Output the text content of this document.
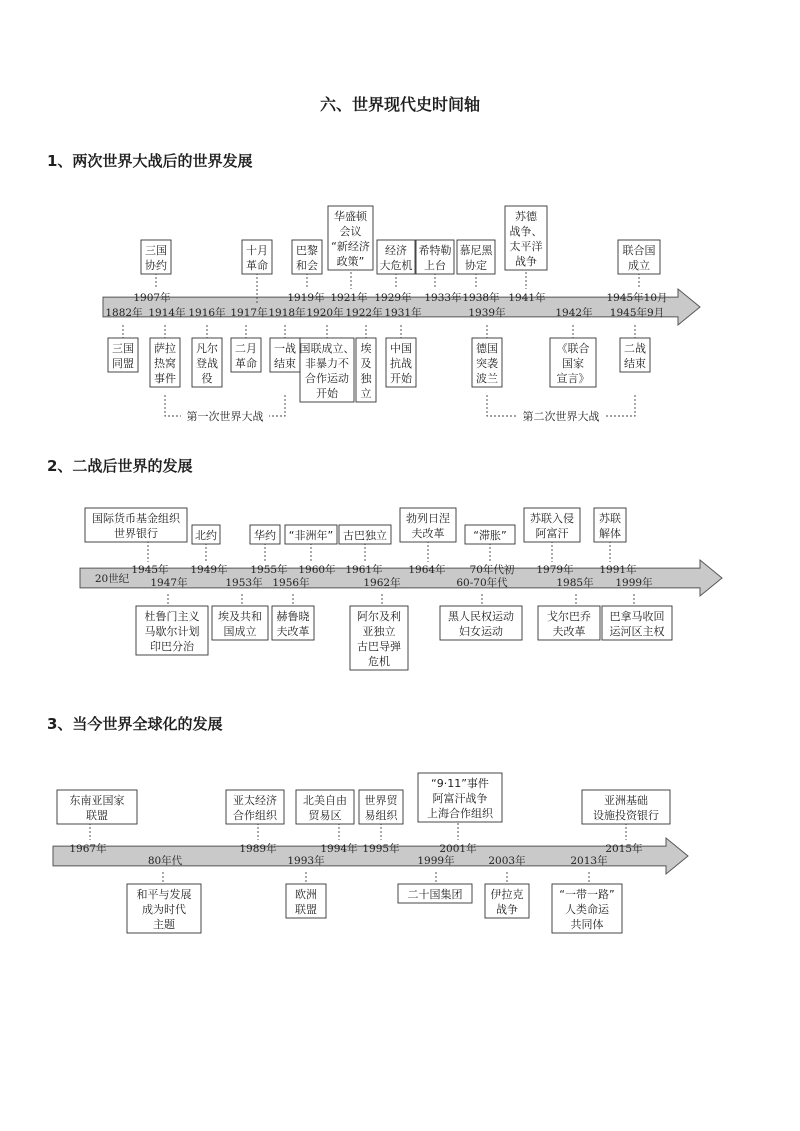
六、世界现代史时间轴
1、两次世界大战后的世界发展
2、二战后世界的发展
3、当今世界全球化的发展
1907年
1882年 1914年 1916年 1917年 1918年
1919年
1920年
1921年
1922年
1929年
1931年
1933年 1938年
1939年
1941年
1942年
1945年10月
1945年9月
三国
协约
十月
革命
巴黎
和会
华盛顿
会议
“新经济
政策”
经济
大危机
希特勒
上台
慕尼黑
协定
苏德
战争、
太平洋
战争
联合国
成立
三国
同盟
萨拉
热窝
事件
凡尔
登战
役
二月
革命
一战
结束
国联成立、
非暴力不
合作运动
开始
埃
及
独
立
中国
抗战
开始
德国
突袭
波兰
《联合
国家
宣言》
二战
结束
第一次世界大战	第二次世界大战
20世纪
1945年
1947年
1949年
1953年
1955年
1956年
1960年 1961年
1962年
1964年 70年代初
60-70年代
1979年
1985年
1991年
1999年
国际货币基金组织
世界银行	北约	华约 “非洲年” 古巴独立
勃列日涅
夫改革	“滞胀”
苏联入侵
阿富汗
苏联
解体
杜鲁门主义
马歇尔计划
印巴分治
埃及共和
国成立
赫鲁晓
夫改革
阿尔及利
亚独立
古巴导弹
危机
黑人民权运动
妇女运动
戈尔巴乔
夫改革
巴拿马收回
运河区主权
1967年
80年代
1989年
1993年
1994年 1995年
1999年
2001年
2003年	2013年
2015年
东南亚国家
联盟
亚太经济
合作组织
北美自由
贸易区
世界贸
易组织
“9·11”事件
阿富汗战争
上海合作组织
亚洲基础
设施投资银行
和平与发展
成为时代
主题
欧洲
联盟
二十国集团	伊拉克
战争
“一带一路”
人类命运
共同体
